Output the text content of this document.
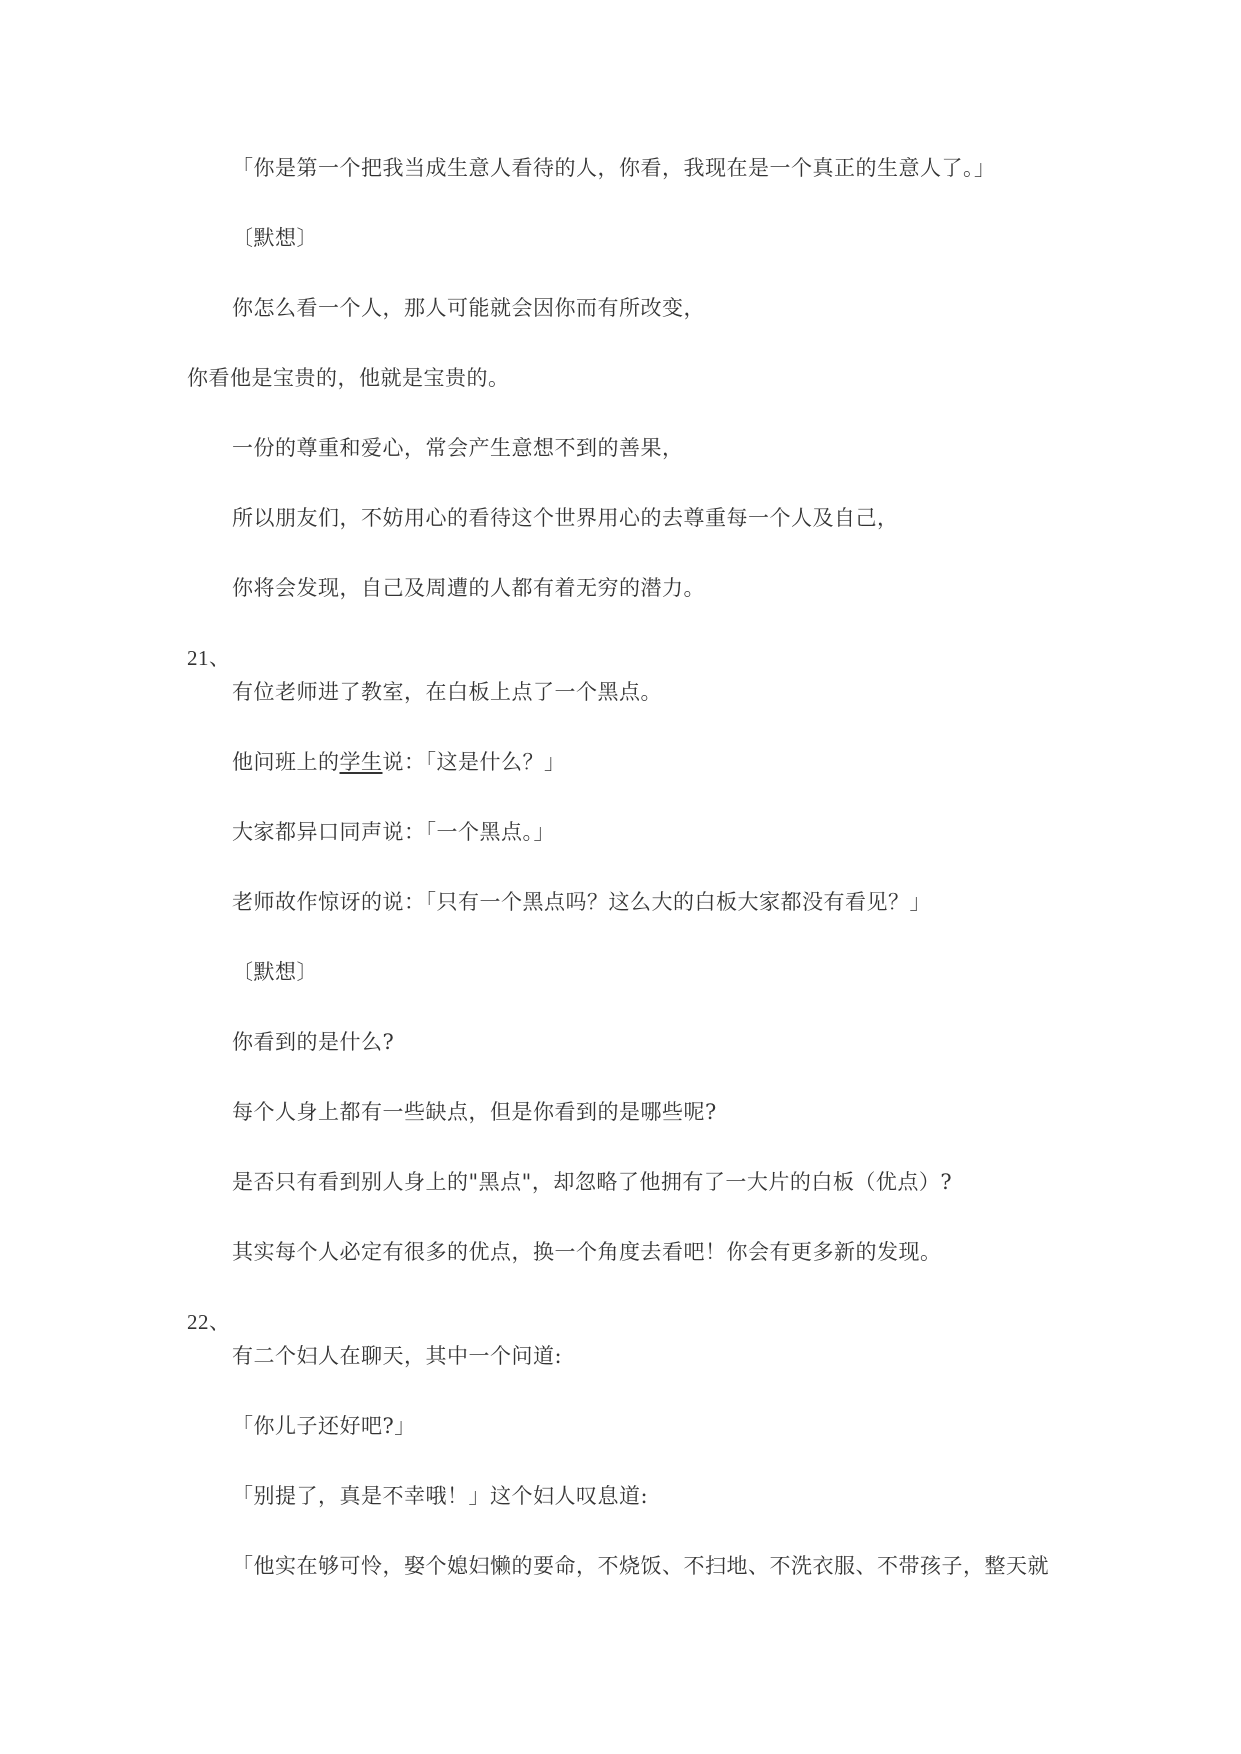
「你是第一个把我当成生意人看待的人，你看，我现在是一个真正的生意人了。」
〔默想〕
你怎么看一个人，那人可能就会因你而有所改变，
你看他是宝贵的，他就是宝贵的。
一份的尊重和爱心，常会产生意想不到的善果，
所以朋友们，不妨用心的看待这个世界用心的去尊重每一个人及自己，
你将会发现，自己及周遭的人都有着无穷的潜力。
21、
有位老师进了教室，在白板上点了一个黑点。
他问班上的学生说：「这是什么？」
大家都异口同声说：「一个黑点。」
老师故作惊讶的说：「只有一个黑点吗？这么大的白板大家都没有看见？」
〔默想〕
你看到的是什么?
每个人身上都有一些缺点，但是你看到的是哪些呢?
是否只有看到别人身上的"黑点"，却忽略了他拥有了一大片的白板（优点）?
其实每个人必定有很多的优点，换一个角度去看吧！你会有更多新的发现。
22、
有二个妇人在聊天，其中一个问道:
「你儿子还好吧?」
「别提了，真是不幸哦！」这个妇人叹息道:
「他实在够可怜，娶个媳妇懒的要命，不烧饭、不扫地、不洗衣服、不带孩子，整天就
